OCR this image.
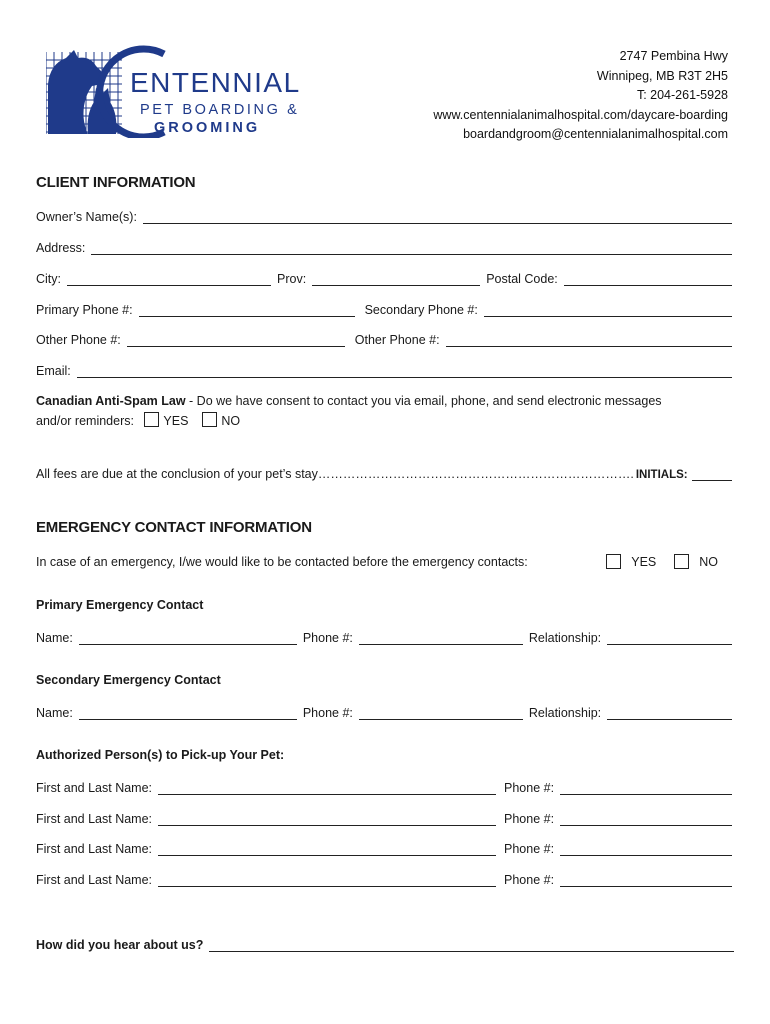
ENTENNIAL
PET BOARDING &
GROOMING
2747 Pembina Hwy
Winnipeg, MB R3T 2H5
T: 204-261-5928
www.centennialanimalhospital.com/daycare-boarding
boardandgroom@centennialanimalhospital.com
CLIENT INFORMATION
Owner’s Name(s):
Address:
City:	Prov:	Postal Code:
Primary Phone #:	Secondary Phone #:
Other Phone #:	Other Phone #:
Email:
Canadian Anti-Spam Law - Do we have consent to contact you via email, phone, and send electronic messages
and/or reminders: YES	NO
All fees are due at the conclusion of your pet’s stay…………………………………………………………………. INITIALS:
EMERGENCY CONTACT INFORMATION
In case of an emergency, I/we would like to be contacted before the emergency contacts:	YES	NO
Primary Emergency Contact
Name:	Phone #:	Relationship:
Secondary Emergency Contact
Name:	Phone #:	Relationship:
Authorized Person(s) to Pick-up Your Pet:
First and Last Name:	Phone #:
First and Last Name:	Phone #:
First and Last Name:	Phone #:
First and Last Name:	Phone #:
How did you hear about us?
